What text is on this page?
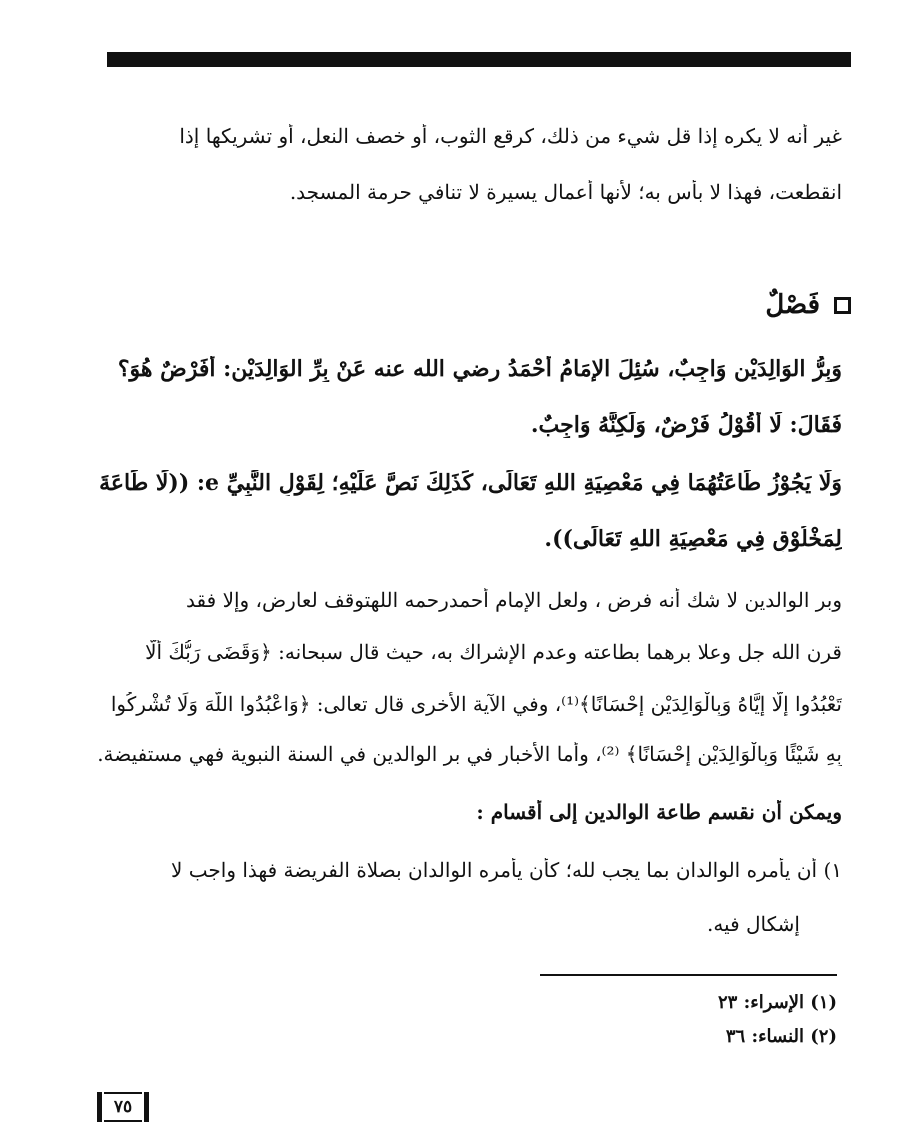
غير أنه لا يكره إذا قل شيء من ذلك، كرقع الثوب، أو خصف النعل، أو تشريكها إذا
انقطعت، فهذا لا بأس به؛ لأنها أعمال يسيرة لا تنافي حرمة المسجد.
وَبِرُّ الوَالِدَيْنِ وَاجِبٌ، سُئِلَ الإِمَامُ أَحْمَدُ رضي الله عنه عَنْ بِرِّ الوَالِدَيْنِ: أَفَرْضٌ هُوَ؟
فَقَالَ: لَا أَقُوْلُ فَرْضٌ، وَلَكِنَّهُ وَاجِبٌ.
وَلَا يَجُوْزُ طَاعَتُهُمَا فِي مَعْصِيَةِ اللهِ تَعَالَى، كَذَلِكَ نَصَّ عَلَيْهِ؛ لِقَوْلِ النَّبِيِّ e: ((لَا طَاعَةَ
لِمَخْلُوْقٍ فِي مَعْصِيَةِ اللهِ تَعَالَى)).
وبر الوالدين لا شك أنه فرض ، ولعل الإمام أحمدرحمه اللهتوقف لعارض، وإلا فقد
قرن الله جل وعلا برهما بطاعته وعدم الإشراك به، حيث قال سبحانه: ﴿وَقَضَى رَبُّكَ أَلَّا
تَعْبُدُوا إِلَّا إِيَّاهُ وَبِالْوَالِدَيْنِ إِحْسَانًا﴾⁽¹⁾، وفي الآية الأخرى قال تعالى: ﴿وَاعْبُدُوا اللَّهَ وَلَا تُشْرِكُوا
بِهِ شَيْئًا وَبِالْوَالِدَيْنِ إِحْسَانًا﴾ ⁽²⁾، وأما الأخبار في بر الوالدين في السنة النبوية فهي مستفيضة.
ويمكن أن نقسم طاعة الوالدين إلى أقسام :
١) أن يأمره الوالدان بما يجب لله؛ كأن يأمره الوالدان بصلاة الفريضة فهذا واجب لا
إشكال فيه.
فَصْلٌ
(١) الإسراء: ٢٣
(٢) النساء: ٣٦
٧٥
